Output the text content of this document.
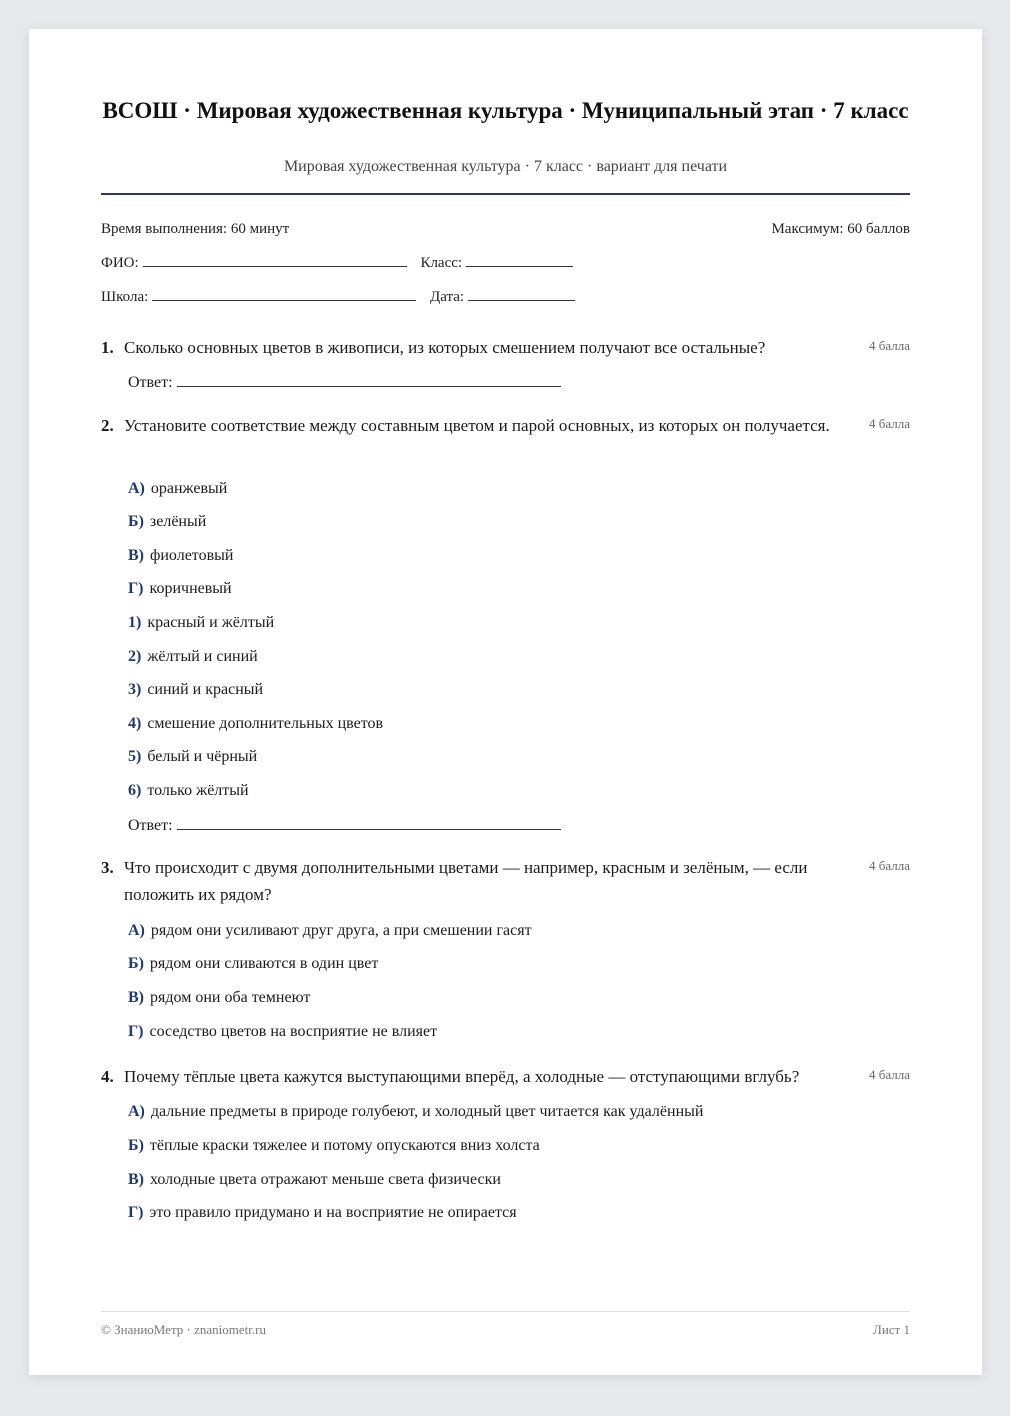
ВСОШ · Мировая художественная культура · Муниципальный этап · 7 класс
Мировая художественная культура · 7 класс · вариант для печати
Время выполнения: 60 минут	Максимум: 60 баллов
ФИО:	Класс:
Школа:	Дата:
1. Сколько основных цветов в живописи, из которых смешением получают все остальные?	4 балла
Ответ:
2. Установите соответствие между составным цветом и парой основных, из которых он получается.	4 балла
А) оранжевый
Б) зелёный
В) фиолетовый
Г) коричневый
1) красный и жёлтый
2) жёлтый и синий
3) синий и красный
4) смешение дополнительных цветов
5) белый и чёрный
6) только жёлтый
Ответ:
3. Что происходит с двумя дополнительными цветами — например, красным и зелёным, — если положить их рядом?
4 балла
А) рядом они усиливают друг друга, а при смешении гасят
Б) рядом они сливаются в один цвет
В) рядом они оба темнеют
Г) соседство цветов на восприятие не влияет
4. Почему тёплые цвета кажутся выступающими вперёд, а холодные — отступающими вглубь?	4 балла
А) дальние предметы в природе голубеют, и холодный цвет читается как удалённый
Б) тёплые краски тяжелее и потому опускаются вниз холста
В) холодные цвета отражают меньше света физически
Г) это правило придумано и на восприятие не опирается
© ЗнаниоМетр · znaniometr.ru	Лист 1
